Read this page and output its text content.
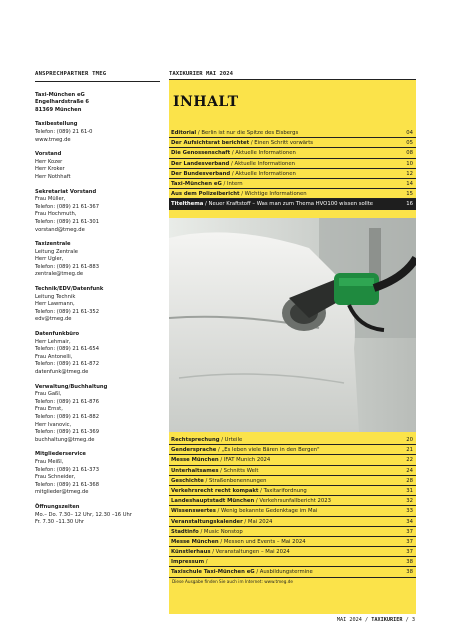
ANSPRECHPARTNER TMEG
Taxi-München eG
Engelhardstraße 6
81369 München
Taxibestellung
Telefon: (089) 21 61-0
www.tmeg.de
Vorstand
Herr Kozer
Herr Kroker
Herr Nothhaft
Sekretariat Vorstand
Frau Müller,
Telefon: (089) 21 61-367
Frau Hochmuth,
Telefon: (089) 21 61-301
vorstand@tmeg.de
Taxizentrale
Leitung Zentrale
Herr Ugler,
Telefon: (089) 21 61-883
zentrale@tmeg.de
Technik/EDV/Datenfunk
Leitung Technik
Herr Lawmann,
Telefon: (089) 21 61-352
edv@tmeg.de
Datenfunkbüro
Herr Lehmair,
Telefon: (089) 21 61-654
Frau Antonelli,
Telefon: (089) 21 61-872
datenfunk@tmeg.de
Verwaltung/Buchhaltung
Frau Gaßl,
Telefon: (089) 21 61-876
Frau Ernst,
Telefon: (089) 21 61-882
Herr Ivanovic,
Telefon: (089) 21 61-369
buchhaltung@tmeg.de
Mitgliederservice
Frau Meißl,
Telefon: (089) 21 61-373
Frau Schneider,
Telefon: (089) 21 61-368
mitglieder@tmeg.de
Öffnungszeiten
Mo.– Do. 7.30– 12 Uhr, 12.30 –16 Uhr
Fr. 7.30 –11.30 Uhr
TAXIKURIER MAI 2024
INHALT
Editorial / Berlin ist nur die Spitze des Eisbergs	04
Der Aufsichtsrat berichtet / Einen Schritt vorwärts	05
Die Genossenschaft / Aktuelle Informationen	08
Der Landesverband / Aktuelle Informationen	10
Der Bundesverband / Aktuelle Informationen	12
Taxi-München eG / Intern	14
Aus dem Polizeibericht / Wichtige Informationen	15
Titelthema / Neuer Kraftstoff – Was man zum Thema HVO100 wissen sollte	16
Rechtsprechung / Urteile	20
Gendersprache / „Es leben viele Bären in den Bergen"	21
Messe München / IFAT Munich 2024	22
Unterhaltsames / Schnitts Welt	24
Geschichte / Straßenbenennungen	28
Verkehrsrecht recht kompakt / Taxitarifordnung	31
Landeshauptstadt München / Verkehrsunfallbericht 2023	32
Wissenswertes / Wenig bekannte Gedenktage im Mai	33
Veranstaltungskalender / Mai 2024	34
Stadtinfo / Music Nonstop	37
Messe München / Messen und Events – Mai 2024	37
Künstlerhaus / Veranstaltungen – Mai 2024	37
Impressum /	38
Taxischule Taxi-München eG / Ausbildungstermine	38
Diese Ausgabe finden Sie auch im Internet: www.tmeg.de
MAI 2024 / TAXIKURIER / 3
